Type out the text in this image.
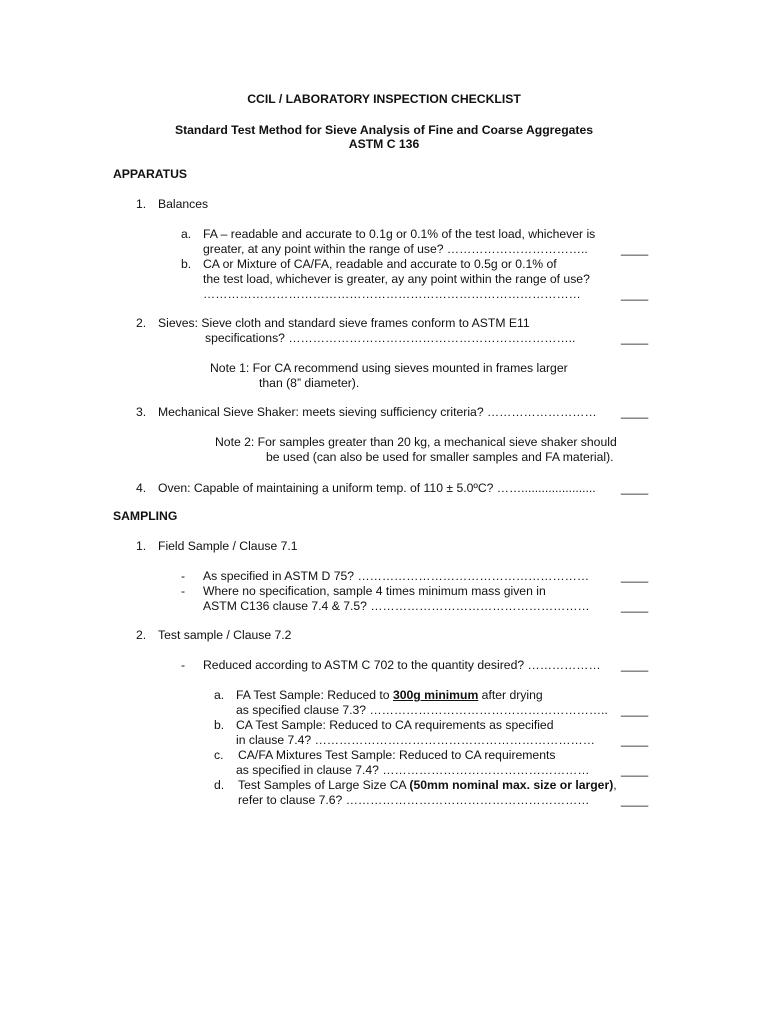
CCIL / LABORATORY INSPECTION CHECKLIST
Standard Test Method for Sieve Analysis of Fine and Coarse Aggregates
ASTM C 136
APPARATUS
1. Balances
a. FA – readable and accurate to 0.1g or 0.1% of the test load, whichever is
greater, at any point within the range of use? ……………………………..	____
b. CA or Mixture of CA/FA, readable and accurate to 0.5g or 0.1% of
the test load, whichever is greater, ay any point within the range of use?
…………………………………………………………………………………	____
2. Sieves: Sieve cloth and standard sieve frames conform to ASTM E11
specifications? ……………………………………………………………..	____
Note 1: For CA recommend using sieves mounted in frames larger
than (8” diameter).
3. Mechanical Sieve Shaker: meets sieving sufficiency criteria? ……………………… ____
Note 2: For samples greater than 20 kg, a mechanical sieve shaker should
be used (can also be used for smaller samples and FA material).
4. Oven: Capable of maintaining a uniform temp. of 110 ± 5.0ºC? ……...................... ____
SAMPLING
1. Field Sample / Clause 7.1
- As specified in ASTM D 75? …………………………………………………	____
- Where no specification, sample 4 times minimum mass given in
ASTM C136 clause 7.4 & 7.5? ………………………………………………	____
2. Test sample / Clause 7.2
- Reduced according to ASTM C 702 to the quantity desired? ……………… ____
a. FA Test Sample: Reduced to 300g minimum after drying
as specified clause 7.3? ………………………………………………….. ____
b. CA Test Sample: Reduced to CA requirements as specified
in clause 7.4? …………………………………………………………… ____
c. CA/FA Mixtures Test Sample: Reduced to CA requirements
as specified in clause 7.4? ……………………………………………	____
d. Test Samples of Large Size CA (50mm nominal max. size or larger),
refer to clause 7.6? ……………………………………………………	____
